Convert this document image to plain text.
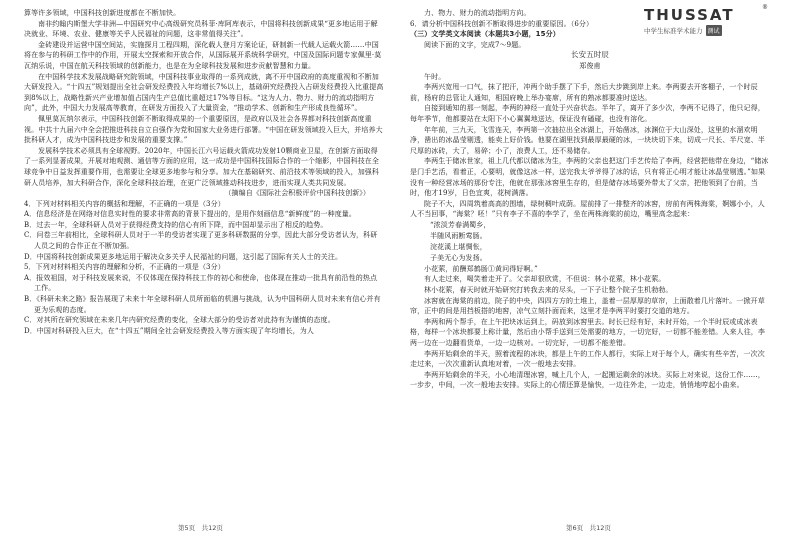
THUSSAT	®
中学生标准学术能力 测试

算等许多领域，中国科技创新进度都在不断加快。

南非约翰内斯堡大学非洲—中国研究中心高级研究员科菲·库阿库表示，中国将科技创新成果“更多地运用于解决就业、环境、农业、健康等关乎人民福祉的问题，这非常值得关注”。

金砖建设并运营中国空间站，实施探月工程四期，深化载人登月方案论证，研制新一代载人运载火箭……中国将在参与的科研工作中的作用，开展太空探索和开放合作，从国际展开系统科学研究，中国及国际问题专家佩里·莫瓦纳乐说，中国在航天科技领域的创新能力，也是在为全球科技发展和进步贡献智慧和力量。

在中国科学技术发展战略研究院领域，中国科技事业取得的一系列成就，离不开中国政府的高度重视和不断加大研发投入。“十四五”规划提出全社会研发经费投入年均增长7%以上，基础研究经费投入占研发经费投入比重提高到8%以上，战略性新兴产业增加值占国内生产总值比重超过17%等目标。“这为人力、物力、财力的流动指明方向”，此外，中国大力发展高等教育，在研发方面投入了大量资金，“推动学术、创新和生产形成良性循环”。

佩里莫瓦纳尔表示，中国科技创新不断取得成果的一个重要原因，是政府以及社会各界都对科技创新高度重视。中共十九届六中全会把推进科技自立自强作为党和国家大业务进行部署。“中国在研发领域投入巨大，并培养大批科研人才，成为中国科技进步和发展的重要支撑。”

发展科学技术必须具有全球视野。2020年，中国长江六号运载火箭成功发射10颗商业卫星，在创新方面取得了一系列显著成果，开展对地观测、通信等方面的应用，这一成功是中国科技国际合作的一个缩影，中国科技在全球竞争中日益发挥重要作用，也需要让全球更多地参与和分享。加大在基础研究、前沿技术等领域的投入，加强科研人员培养，加大科研合作，深化全球科技治理，在更广泛领域推动科技进步，进而实现人类共同发展。

（摘编自《国际社会积极评价中国科技创新》）

4．下列对材料相关内容的概括和理解，不正确的一项是（3分）

A．信息经济是在网络对信息实时性的要求非常高的背景下提出的，是用作刻画信息“新鲜度”的一种度量。

B．过去一年，全球科研人员对于获得经费支持的信心有所下降，而中国却显示出了相反的趋势。

C．问卷三年前相比，全球科研人员对于一半的受访者实现了更多科研数据的分享，因此大部分受访者认为，科研人员之间的合作正在不断加强。

D．中国将科技创新成果更多地运用于解决众多关乎人民福祉的问题，这引起了国际有关人士的关注。

5．下列对材料相关内容的理解和分析，不正确的一项是（3分）

A．报效祖国，对于科技发展来说，不仅体现在保持科技工作的初心和使命，也体现在推动一批具有前沿性的热点工作。

B．《科研未来之路》报告展现了未来十年全球科研人员所面临的机遇与挑战，认为中国科研人员对未来有信心并有更为乐观的态度。

C．对其所在研究领域在未来几年内研究经费的变化，全球大部分的受访者对此持有为谨慎的态度。

D．中国对科研投入巨大，在“十四五”期间全社会研发经费投入等方面实现了年均增长，为人

力、物力、财力的流动指明方向。

6．请分析中国科技创新不断取得进步的重要原因。（6分）

（三）文学类文本阅读（本题共3小题，15分）

阅读下面的文字，完成7～9题。

长安五时辰

郑俊甫

午时。

李两兴宽甩一口气，抹了把汗，冲两个助手摆了下手，然后大步跳到岸上来。李两要去开客棚子，一个时辰前，杨府的总管让人通知，相国府晚上举办宴席，所有的熟冰都要准时送达。

自接到通知的那一刻起，李两的神经一直处于兴奋状态。半年了，离开了多少次，李两不记得了，他只记得，每年季节，他都要站在太阳下小心翼翼地送达，保证没有磕碰，也没有溶化。

年年前，三九天，飞雪连天，李两第一次抽拉出全冰湖上，开始凿冰，冰渊位于大山深处，这里的水溜欢明净，凿出的冰晶莹剔透，能卖上好价钱。他要在湖里找到最厚最硬的冰，一块块切下来，切成一尺长、半尺宽、半尺厚的冰砖，大了，易碎；小了，浪费人工，还不易储存。

李两生于储冰世家，祖上几代都以储冰为生，李两的父亲也把这门手艺传给了李两，经营把他带在身边，“储冰是门手艺活，看着正，心要明，就像这冰一样，送完我太爷爷得了冰的话，只有将正心明才能让冰晶莹剔透。”如果没有一种经营冰场的那份专注，他就在那张冰窖里生存的，但是储存冰场要外带太了父亲，把他领到了台前，当时，他才19岁，日色宜爽，花树满落。

院子不大，四周筑着高高的围墙，绿树稠叶成荫。屋前排了一排整齐的冰窖，房前有两株海棠，婀娜小小，人人不当回事，“海棠？呸！”只有李子不喜的李学了，坐在两株海棠的前边，嘴里高念起来：

“浓淡芳春满蜀乡，

半随风雨断莺肠。

浣花溪上堪惆怅，

子美无心为发扬。

小花萦，前酬郑鹤肠①黄问得好啊。”

有人走过来，喝笑着走开了。父亲却很欣赏，不但说：林小花萦，林小花萦。

林小花萦，春天时就开始研究打转我去来的尽头，一下子让整个院子生机勃勃。

冰窖就在海棠的前边，院子的中央，四四方方的土堆上，盖着一层厚厚的草帘，上面散着几片落叶。一掀开草帘，正中的间是用挡板搭的地窖，凉气立刻扑面而来，这里才是李两平时要打交道的地方。

李两和两个帮手，在上午把块冰运到上，码放到冰窖里去。时长已经有好，未时开始，一个半时辰或成冰表格，每样一个冰块都要上称计量，然后由小帮手送到三处需要的地方，一切完好，一切都不能差错。人来人往，李两一边在一边翻看货单，一边一边核对。一切完好，一切都不能差错。

李两开始剩余的半天，照着流程的冰块，都是上午的工作人都行，实际上对于每个人，确实有些辛苦，一次次走过来，一次次重新认真地对着，一次一般地去安排。

李两开始剩余的半天，小心地清理冰窖，喊上几个人，一起搬运剩余的冰块。买际上对来说，这份工作……，一步步，中间，一次一般地去安排。实际上的心情还算是愉快，一边往外走，一边走，悄悄地哼起小曲来。

第5页　共12页	第6页　共12页
